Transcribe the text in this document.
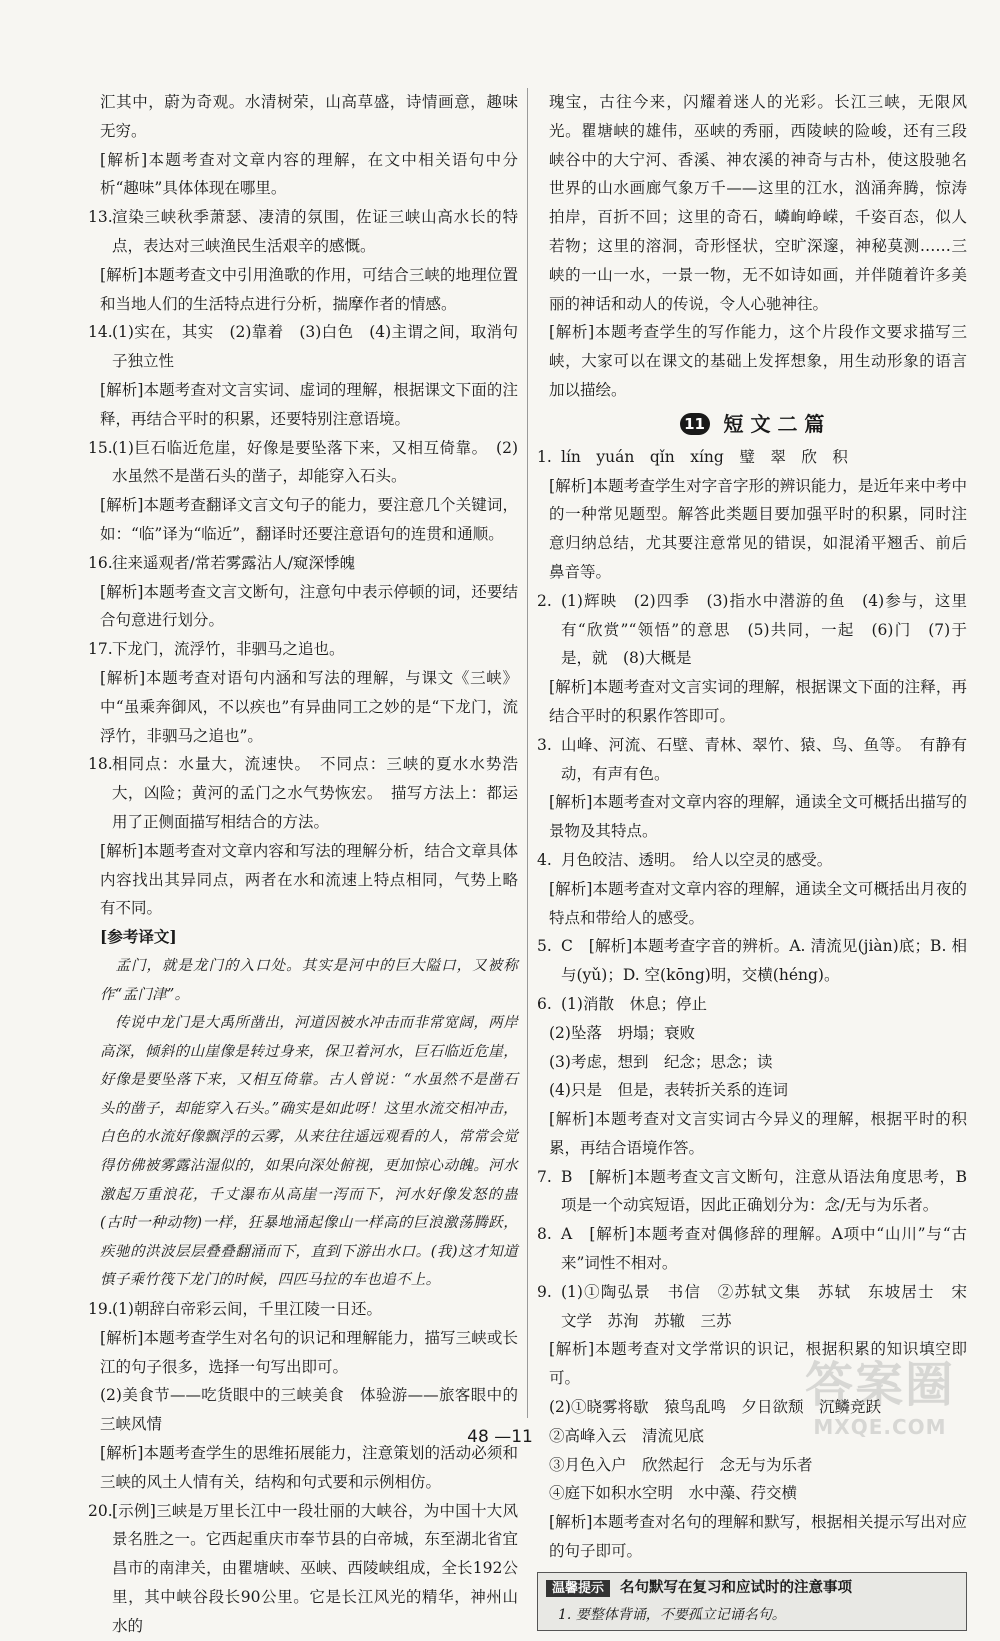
汇其中，蔚为奇观。水清树荣，山高草盛，诗情画意，趣味无穷。
[解析]本题考查对文章内容的理解，在文中相关语句中分析“趣味”具体体现在哪里。
13. 渲染三峡秋季萧瑟、凄清的氛围，佐证三峡山高水长的特点，表达对三峡渔民生活艰辛的感慨。
[解析]本题考查文中引用渔歌的作用，可结合三峡的地理位置和当地人们的生活特点进行分析，揣摩作者的情感。
14. (1)实在，其实　(2)靠着　(3)白色　(4)主谓之间，取消句子独立性
[解析]本题考查对文言实词、虚词的理解，根据课文下面的注释，再结合平时的积累，还要特别注意语境。
15. (1)巨石临近危崖，好像是要坠落下来，又相互倚靠。　(2)水虽然不是凿石头的凿子，却能穿入石头。
[解析]本题考查翻译文言文句子的能力，要注意几个关键词，如：“临”译为“临近”，翻译时还要注意语句的连贯和通顺。
16. 往来遥观者/常若雾露沾人/窥深悸魄
[解析]本题考查文言文断句，注意句中表示停顿的词，还要结合句意进行划分。
17. 下龙门，流浮竹，非驷马之追也。
[解析]本题考查对语句内涵和写法的理解，与课文《三峡》中“虽乘奔御风，不以疾也”有异曲同工之妙的是“下龙门，流浮竹，非驷马之追也”。
18. 相同点：水量大，流速快。　不同点：三峡的夏水水势浩大，凶险；黄河的孟门之水气势恢宏。　描写方法上：都运用了正侧面描写相结合的方法。
[解析]本题考查对文章内容和写法的理解分析，结合文章具体内容找出其异同点，两者在水和流速上特点相同，气势上略有不同。
[参考译文]
　孟门，就是龙门的入口处。其实是河中的巨大隘口，又被称作“孟门津”。
　传说中龙门是大禹所凿出，河道因被水冲击而非常宽阔，两岸高深，倾斜的山崖像是转过身来，保卫着河水，巨石临近危崖，好像是要坠落下来，又相互倚靠。古人曾说：“水虽然不是凿石头的凿子，却能穿入石头。”确实是如此呀！这里水流交相冲击，白色的水流好像飘浮的云雾，从来往往遥远观看的人，常常会觉得仿佛被雾露沾湿似的，如果向深处俯视，更加惊心动魄。河水激起万重浪花，千丈瀑布从高崖一泻而下，河水好像发怒的蛊(古时一种动物)一样，狂暴地涌起像山一样高的巨浪激荡腾跃，疾驰的洪波层层叠叠翻涌而下，直到下游出水口。(我)这才知道慎子乘竹筏下龙门的时候，四匹马拉的车也追不上。
19. (1)朝辞白帝彩云间，千里江陵一日还。
[解析]本题考查学生对名句的识记和理解能力，描写三峡或长江的句子很多，选择一句写出即可。
(2)美食节——吃货眼中的三峡美食　体验游——旅客眼中的三峡风情
[解析]本题考查学生的思维拓展能力，注意策划的活动必须和三峡的风土人情有关，结构和句式要和示例相仿。
20. [示例]三峡是万里长江中一段壮丽的大峡谷，为中国十大风景名胜之一。它西起重庆市奉节县的白帝城，东至湖北省宜昌市的南津关，由瞿塘峡、巫峡、西陵峡组成，全长192公里，其中峡谷段长90公里。它是长江风光的精华，神州山水的
瑰宝，古往今来，闪耀着迷人的光彩。长江三峡，无限风光。瞿塘峡的雄伟，巫峡的秀丽，西陵峡的险峻，还有三段峡谷中的大宁河、香溪、神农溪的神奇与古朴，使这股驰名世界的山水画廊气象万千——这里的江水，汹涌奔腾，惊涛拍岸，百折不回；这里的奇石，嶙峋峥嵘，千姿百态，似人若物；这里的溶洞，奇形怪状，空旷深邃，神秘莫测……三峡的一山一水，一景一物，无不如诗如画，并伴随着许多美丽的神话和动人的传说，令人心驰神往。
[解析]本题考查学生的写作能力，这个片段作文要求描写三峡，大家可以在课文的基础上发挥想象，用生动形象的语言加以描绘。
11 短 文 二 篇
1. lín　yuán　qǐn　xíng　璧　翠　欣　积
[解析]本题考查学生对字音字形的辨识能力，是近年来中考中的一种常见题型。解答此类题目要加强平时的积累，同时注意归纳总结，尤其要注意常见的错误，如混淆平翘舌、前后鼻音等。
2. (1)辉映　(2)四季　(3)指水中潜游的鱼　(4)参与，这里有“欣赏”“领悟”的意思　(5)共同，一起　(6)门　(7)于是，就　(8)大概是
[解析]本题考查对文言实词的理解，根据课文下面的注释，再结合平时的积累作答即可。
3. 山峰、河流、石壁、青林、翠竹、猿、鸟、鱼等。　有静有动，有声有色。
[解析]本题考查对文章内容的理解，通读全文可概括出描写的景物及其特点。
4. 月色皎洁、透明。　给人以空灵的感受。
[解析]本题考查对文章内容的理解，通读全文可概括出月夜的特点和带给人的感受。
5. C　[解析]本题考查字音的辨析。A. 清流见(jiàn)底；B. 相与(yǔ)；D. 空(kōng)明，交横(héng)。
6. (1)消散　休息；停止
(2)坠落　坍塌；衰败
(3)考虑，想到　纪念；思念；读
(4)只是　但是，表转折关系的连词
[解析]本题考查对文言实词古今异义的理解，根据平时的积累，再结合语境作答。
7. B　[解析]本题考查文言文断句，注意从语法角度思考，B项是一个动宾短语，因此正确划分为：念/无与为乐者。
8. A　[解析]本题考查对偶修辞的理解。A项中“山川”与“古来”词性不相对。
9. (1)①陶弘景　书信　②苏轼文集　苏轼　东坡居士　宋　文学　苏洵　苏辙　三苏
[解析]本题考查对文学常识的识记，根据积累的知识填空即可。
(2)①晓雾将歇　猿鸟乱鸣　夕日欲颓　沉鳞竞跃
②高峰入云　清流见底
③月色入户　欣然起行　念无与为乐者
④庭下如积水空明　水中藻、荇交横
[解析]本题考查对名句的理解和默写，根据相关提示写出对应的句子即可。
温馨提示 名句默写在复习和应试时的注意事项
1. 要整体背诵，不要孤立记诵名句。
48 —11
答案圈
MXQE.COM
